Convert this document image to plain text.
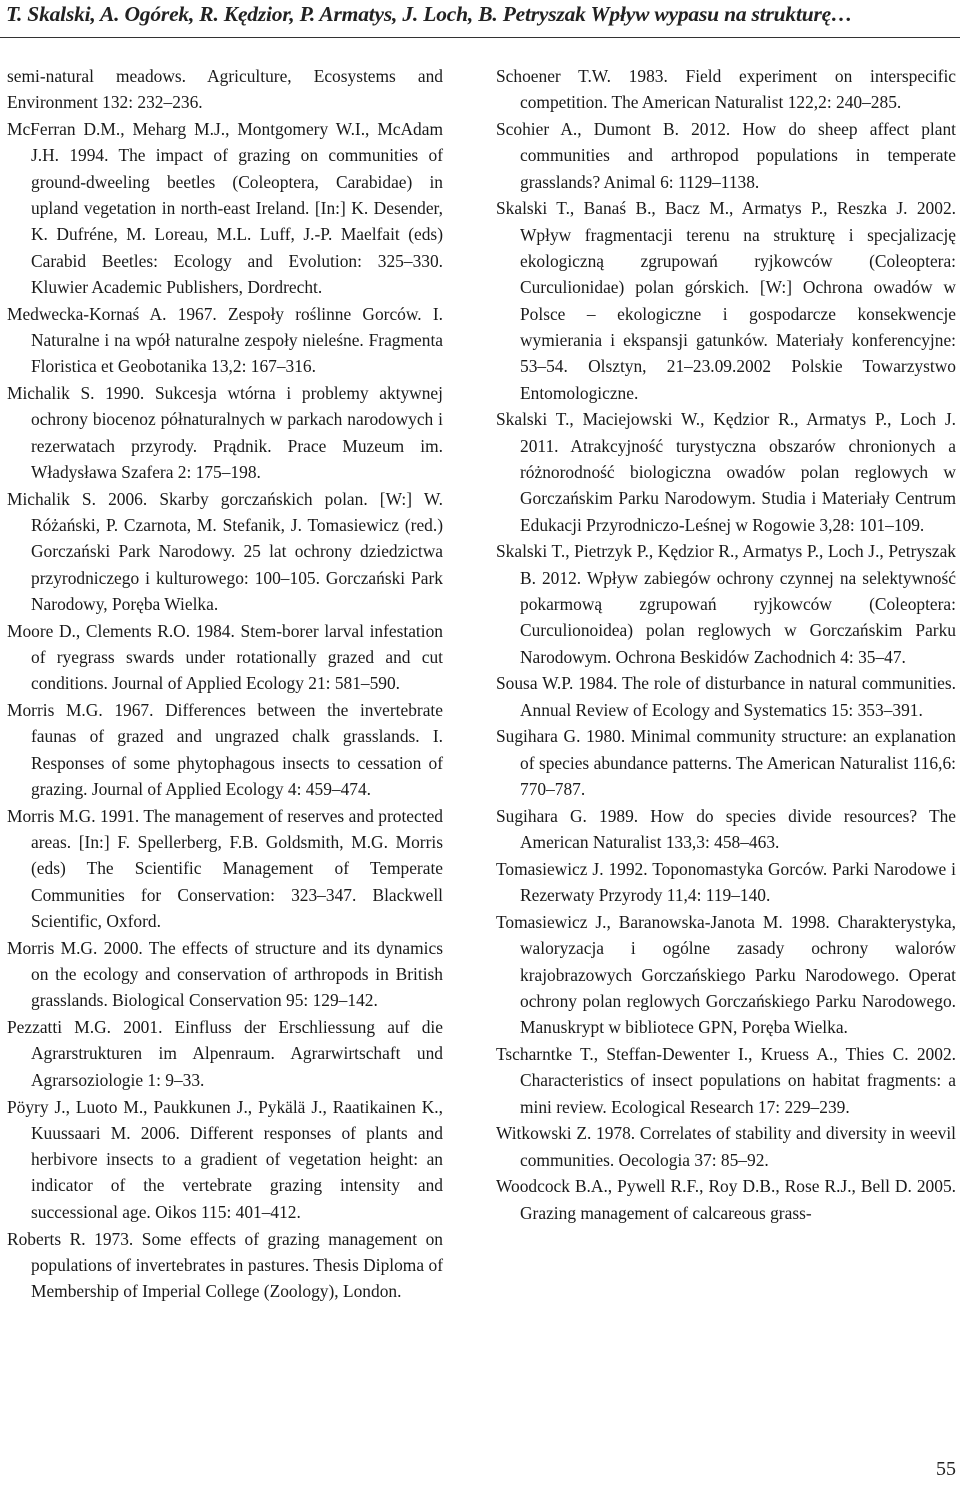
T. Skalski, A. Ogórek, R. Kędzior, P. Armatys, J. Loch, B. Petryszak Wpływ wypasu na strukturę…

semi-natural meadows. Agriculture, Ecosystems and Environment 132: 232–236.

McFerran D.M., Meharg M.J., Montgomery W.I., McAdam J.H. 1994. The impact of grazing on communities of ground-dweeling beetles (Coleoptera, Carabidae) in upland vegetation in north-east Ireland. [In:] K. Desender, K. Dufréne, M. Loreau, M.L. Luff, J.-P. Maelfait (eds) Carabid Beetles: Ecology and Evolution: 325–330. Kluwier Academic Publishers, Dordrecht.

Medwecka-Kornaś A. 1967. Zespoły roślinne Gorców. I. Naturalne i na wpół naturalne zespoły nieleśne. Fragmenta Floristica et Geobotanika 13,2: 167–316.

Michalik S. 1990. Sukcesja wtórna i problemy aktywnej ochrony biocenoz półnaturalnych w parkach narodowych i rezerwatach przyrody. Prądnik. Prace Muzeum im. Władysława Szafera 2: 175–198.

Michalik S. 2006. Skarby gorczańskich polan. [W:] W. Różański, P. Czarnota, M. Stefanik, J. Tomasiewicz (red.) Gorczański Park Narodowy. 25 lat ochrony dziedzictwa przyrodniczego i kulturowego: 100–105. Gorczański Park Narodowy, Poręba Wielka.

Moore D., Clements R.O. 1984. Stem-borer larval infestation of ryegrass swards under rotationally grazed and cut conditions. Journal of Applied Ecology 21: 581–590.

Morris M.G. 1967. Differences between the invertebrate faunas of grazed and ungrazed chalk grasslands. I. Responses of some phytophagous insects to cessation of grazing. Journal of Applied Ecology 4: 459–474.

Morris M.G. 1991. The management of reserves and protected areas. [In:] F. Spellerberg, F.B. Goldsmith, M.G. Morris (eds) The Scientific Management of Temperate Communities for Conservation: 323–347. Blackwell Scientific, Oxford.

Morris M.G. 2000. The effects of structure and its dynamics on the ecology and conservation of arthropods in British grasslands. Biological Conservation 95: 129–142.

Pezzatti M.G. 2001. Einfluss der Erschliessung auf die Agrarstrukturen im Alpenraum. Agrarwirtschaft und Agrarsoziologie 1: 9–33.

Pöyry J., Luoto M., Paukkunen J., Pykälä J., Raatikainen K., Kuussaari M. 2006. Different responses of plants and herbivore insects to a gradient of vegetation height: an indicator of the vertebrate grazing intensity and successional age. Oikos 115: 401–412.

Roberts R. 1973. Some effects of grazing management on populations of invertebrates in pastures. Thesis Diploma of Membership of Imperial College (Zoology), London.

Schoener T.W. 1983. Field experiment on interspecific competition. The American Naturalist 122,2: 240–285.

Scohier A., Dumont B. 2012. How do sheep affect plant communities and arthropod populations in temperate grasslands? Animal 6: 1129–1138.

Skalski T., Banaś B., Bacz M., Armatys P., Reszka J. 2002. Wpływ fragmentacji terenu na strukturę i specjalizację ekologiczną zgrupowań ryjkowców (Coleoptera: Curculionidae) polan górskich. [W:] Ochrona owadów w Polsce – ekologiczne i gospodarcze konsekwencje wymierania i ekspansji gatunków. Materiały konferencyjne: 53–54. Olsztyn, 21–23.09.2002 Polskie Towarzystwo Entomologiczne.

Skalski T., Maciejowski W., Kędzior R., Armatys P., Loch J. 2011. Atrakcyjność turystyczna obszarów chronionych a różnorodność biologiczna owadów polan reglowych w Gorczańskim Parku Narodowym. Studia i Materiały Centrum Edukacji Przyrodniczo-Leśnej w Rogowie 3,28: 101–109.

Skalski T., Pietrzyk P., Kędzior R., Armatys P., Loch J., Petryszak B. 2012. Wpływ zabiegów ochrony czynnej na selektywność pokarmową zgrupowań ryjkowców (Coleoptera: Curculionoidea) polan reglowych w Gorczańskim Parku Narodowym. Ochrona Beskidów Zachodnich 4: 35–47.

Sousa W.P. 1984. The role of disturbance in natural communities. Annual Review of Ecology and Systematics 15: 353–391.

Sugihara G. 1980. Minimal community structure: an explanation of species abundance patterns. The American Naturalist 116,6: 770–787.

Sugihara G. 1989. How do species divide resources? The American Naturalist 133,3: 458–463.

Tomasiewicz J. 1992. Toponomastyka Gorców. Parki Narodowe i Rezerwaty Przyrody 11,4: 119–140.

Tomasiewicz J., Baranowska-Janota M. 1998. Charakterystyka, waloryzacja i ogólne zasady ochrony walorów krajobrazowych Gorczańskiego Parku Narodowego. Operat ochrony polan reglowych Gorczańskiego Parku Narodowego. Manuskrypt w bibliotece GPN, Poręba Wielka.

Tscharntke T., Steffan-Dewenter I., Kruess A., Thies C. 2002. Characteristics of insect populations on habitat fragments: a mini review. Ecological Research 17: 229–239.

Witkowski Z. 1978. Correlates of stability and diversity in weevil communities. Oecologia 37: 85–92.

Woodcock B.A., Pywell R.F., Roy D.B., Rose R.J., Bell D. 2005. Grazing management of calcareous grass-

55
